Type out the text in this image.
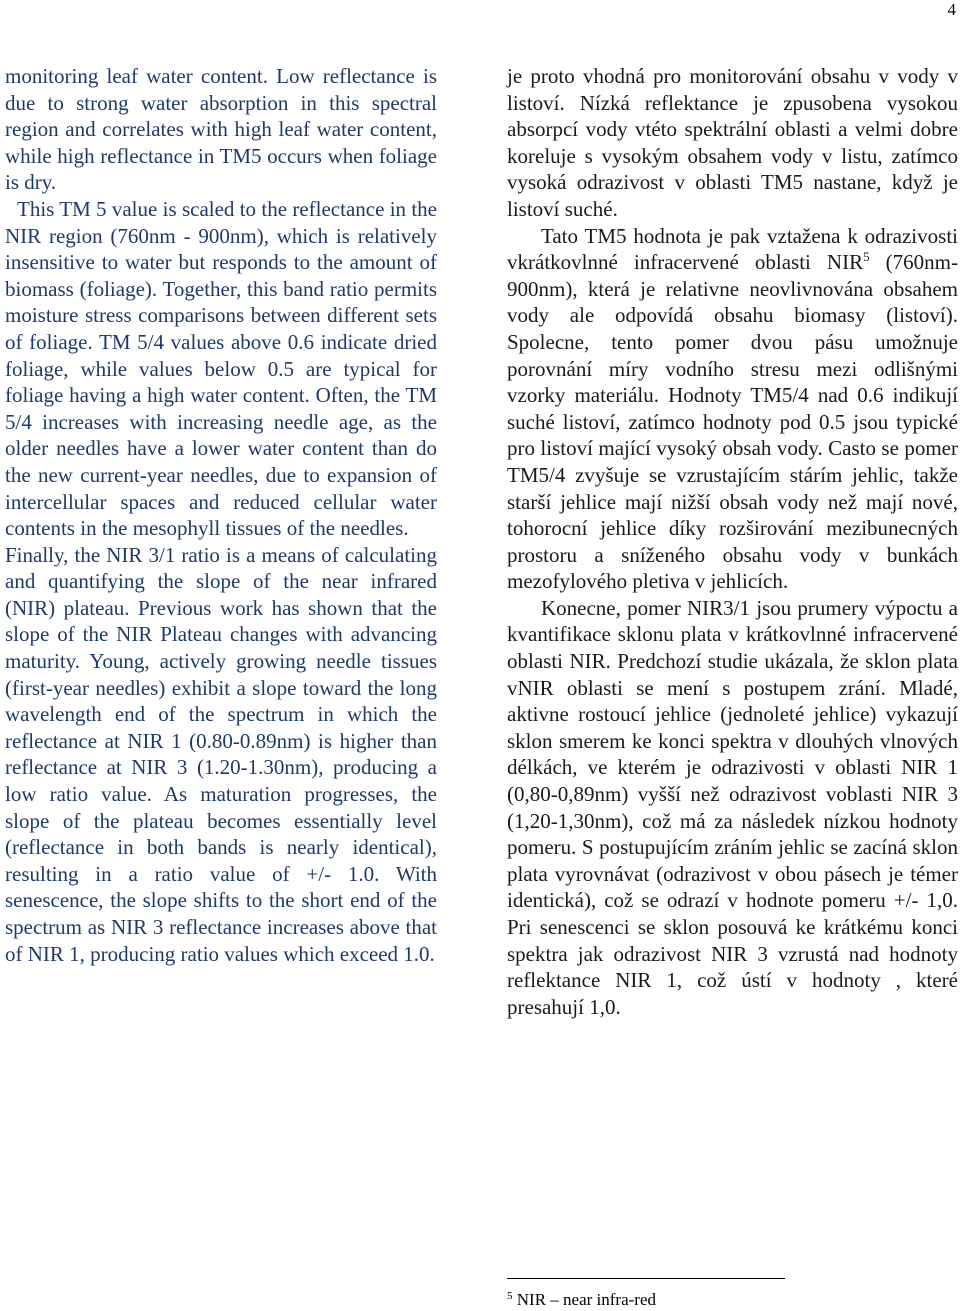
4

monitoring leaf water content. Low reflectance is due to strong water absorption in this spectral region and correlates with high leaf water content, while high reflectance in TM5 occurs when foliage is dry.

This TM 5 value is scaled to the reflectance in the NIR region (760nm - 900nm), which is relatively insensitive to water but responds to the amount of biomass (foliage). Together, this band ratio permits moisture stress comparisons between different sets of foliage. TM 5/4 values above 0.6 indicate dried foliage, while values below 0.5 are typical for foliage having a high water content. Often, the TM 5/4 increases with increasing needle age, as the older needles have a lower water content than do the new current-year needles, due to expansion of intercellular spaces and reduced cellular water contents in the mesophyll tissues of the needles.

Finally, the NIR 3/1 ratio is a means of calculating and quantifying the slope of the near infrared (NIR) plateau. Previous work has shown that the slope of the NIR Plateau changes with advancing maturity. Young, actively growing needle tissues (first-year needles) exhibit a slope toward the long wavelength end of the spectrum in which the reflectance at NIR 1 (0.80-0.89nm) is higher than reflectance at NIR 3 (1.20-1.30nm), producing a low ratio value. As maturation progresses, the slope of the plateau becomes essentially level (reflectance in both bands is nearly identical), resulting in a ratio value of +/- 1.0. With senescence, the slope shifts to the short end of the spectrum as NIR 3 reflectance increases above that of NIR 1, producing ratio values which exceed 1.0.

je proto vhodná pro monitorování obsahu v vody v listoví. Nízká reflektance je zpusobena vysokou absorpcí vody vtéto spektrální oblasti a velmi dobre koreluje s vysokým obsahem vody v listu, zatímco vysoká odrazivost v oblasti TM5 nastane, když je listoví suché.

Tato TM5 hodnota je pak vztažena k odrazivosti vkrátkovlnné infracervené oblasti NIR$^5$ (760nm-900nm), která je relativne neovlivnována obsahem vody ale odpovídá obsahu biomasy (listoví). Spolecne, tento pomer dvou pásu umožnuje porovnání míry vodního stresu mezi odlišnými vzorky materiálu. Hodnoty TM5/4 nad 0.6 indikují suché listoví, zatímco hodnoty pod 0.5 jsou typické pro listoví mající vysoký obsah vody. Casto se pomer TM5/4 zvyšuje se vzrustajícím stárím jehlic, takže starší jehlice mají nižší obsah vody než mají nové, tohorocní jehlice díky rozširování mezibunecných prostoru a sníženého obsahu vody v bunkách mezofylového pletiva v jehlicích.

Konecne, pomer NIR3/1 jsou prumery výpoctu a kvantifikace sklonu plata v krátkovlnné infracervené oblasti NIR. Predchozí studie ukázala, že sklon plata vNIR oblasti se mení s postupem zrání. Mladé, aktivne rostoucí jehlice (jednoleté jehlice) vykazují sklon smerem ke konci spektra v dlouhých vlnových délkách, ve kterém je odrazivosti v oblasti NIR 1 (0,80-0,89nm) vyšší než odrazivost voblasti NIR 3 (1,20-1,30nm), což má za následek nízkou hodnoty pomeru. S postupujícím zráním jehlic se zacíná sklon plata vyrovnávat (odrazivost v obou pásech je témer identická), což se odrazí v hodnote pomeru +/- 1,0. Pri senescenci se sklon posouvá ke krátkému konci spektra jak odrazivost NIR 3 vzrustá nad hodnoty reflektance NIR 1, což ústí v hodnoty , které presahují 1,0.

$^5$ NIR – near infra-red
